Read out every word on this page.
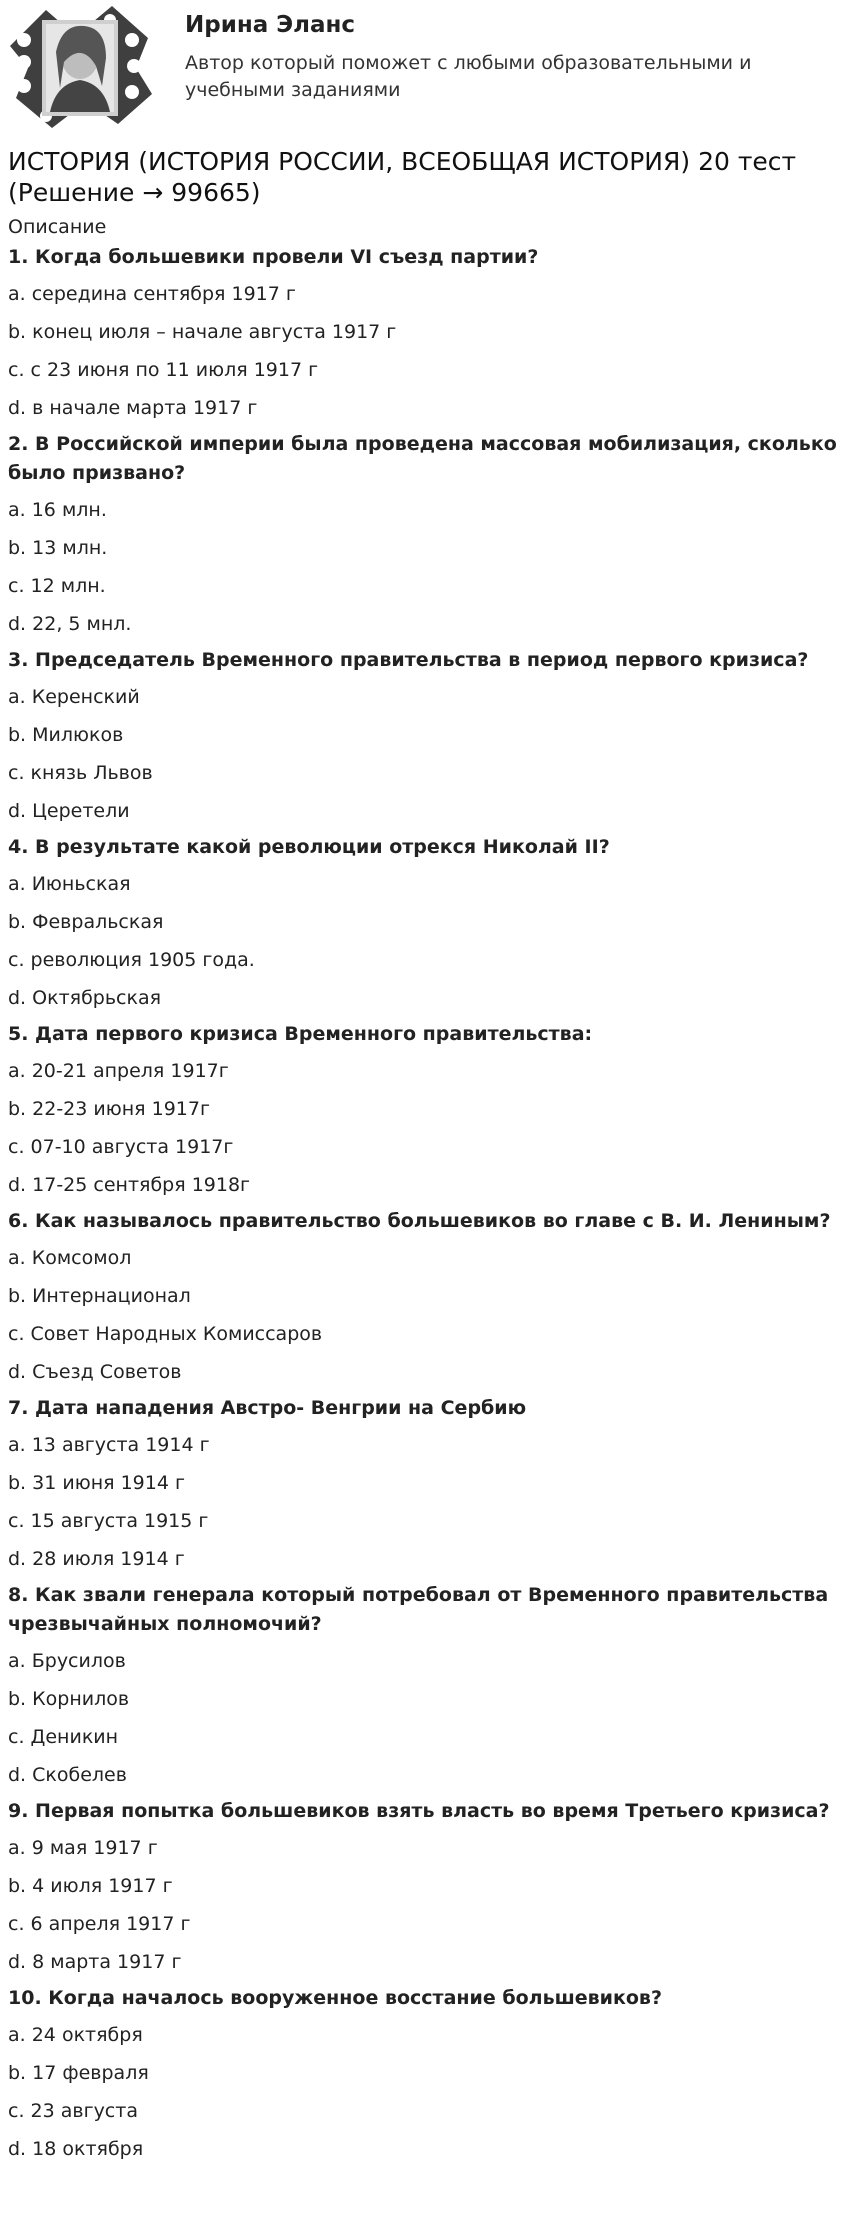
Ирина Эланс
Автор который поможет с любыми образовательными и учебными заданиями
ИСТОРИЯ (ИСТОРИЯ РОССИИ, ВСЕОБЩАЯ ИСТОРИЯ) 20 тест (Решение → 99665)
Описание
1. Когда большевики провели VI съезд партии?
a. середина сентября 1917 г
b. конец июля – начале августа 1917 г
c. с 23 июня по 11 июля 1917 г
d. в начале марта 1917 г
2. В Российской империи была проведена массовая мобилизация, сколько было призвано?
a. 16 млн.
b. 13 млн.
c. 12 млн.
d. 22, 5 мнл.
3. Председатель Временного правительства в период первого кризиса?
a. Керенский
b. Милюков
c. князь Львов
d. Церетели
4. В результате какой революции отрекся Николай II?
a. Июньская
b. Февральская
c. революция 1905 года.
d. Октябрьская
5. Дата первого кризиса Временного правительства:
a. 20-21 апреля 1917г
b. 22-23 июня 1917г
c. 07-10 августа 1917г
d. 17-25 сентября 1918г
6. Как называлось правительство большевиков во главе с В. И. Лениным?
a. Комсомол
b. Интернационал
c. Совет Народных Комиссаров
d. Съезд Советов
7. Дата нападения Австро- Венгрии на Сербию
a. 13 августа 1914 г
b. 31 июня 1914 г
c. 15 августа 1915 г
d. 28 июля 1914 г
8. Как звали генерала который потребовал от Временного правительства чрезвычайных полномочий?
a. Брусилов
b. Корнилов
c. Деникин
d. Скобелев
9. Первая попытка большевиков взять власть во время Третьего кризиса?
a. 9 мая 1917 г
b. 4 июля 1917 г
c. 6 апреля 1917 г
d. 8 марта 1917 г
10. Когда началось вооруженное восстание большевиков?
a. 24 октября
b. 17 февраля
c. 23 августа
d. 18 октября
